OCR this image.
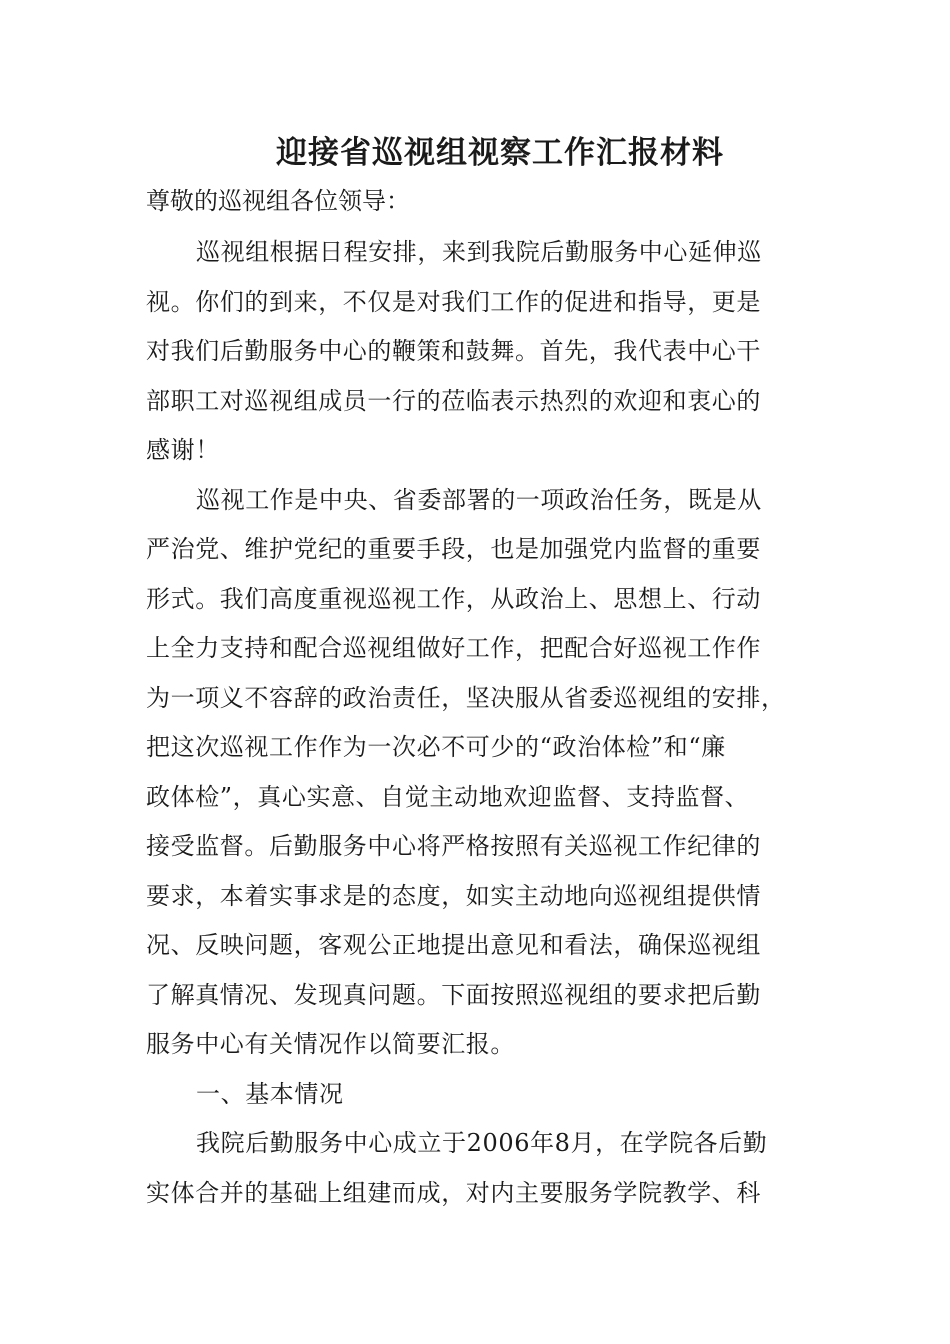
迎接省巡视组视察工作汇报材料

尊敬的巡视组各位领导：

巡视组根据日程安排，来到我院后勤服务中心延伸巡
视。你们的到来，不仅是对我们工作的促进和指导，更是
对我们后勤服务中心的鞭策和鼓舞。首先，我代表中心干
部职工对巡视组成员一行的莅临表示热烈的欢迎和衷心的
感谢！
巡视工作是中央、省委部署的一项政治任务，既是从
严治党、维护党纪的重要手段，也是加强党内监督的重要
形式。我们高度重视巡视工作，从政治上、思想上、行动
上全力支持和配合巡视组做好工作，把配合好巡视工作作
为一项义不容辞的政治责任，坚决服从省委巡视组的安排，
把这次巡视工作作为一次必不可少的“政治体检”和“廉
政体检”，真心实意、自觉主动地欢迎监督、支持监督、
接受监督。后勤服务中心将严格按照有关巡视工作纪律的
要求，本着实事求是的态度，如实主动地向巡视组提供情
况、反映问题，客观公正地提出意见和看法，确保巡视组
了解真情况、发现真问题。下面按照巡视组的要求把后勤
服务中心有关情况作以简要汇报。
一、基本情况
我院后勤服务中心成立于2006年8月，在学院各后勤
实体合并的基础上组建而成，对内主要服务学院教学、科
